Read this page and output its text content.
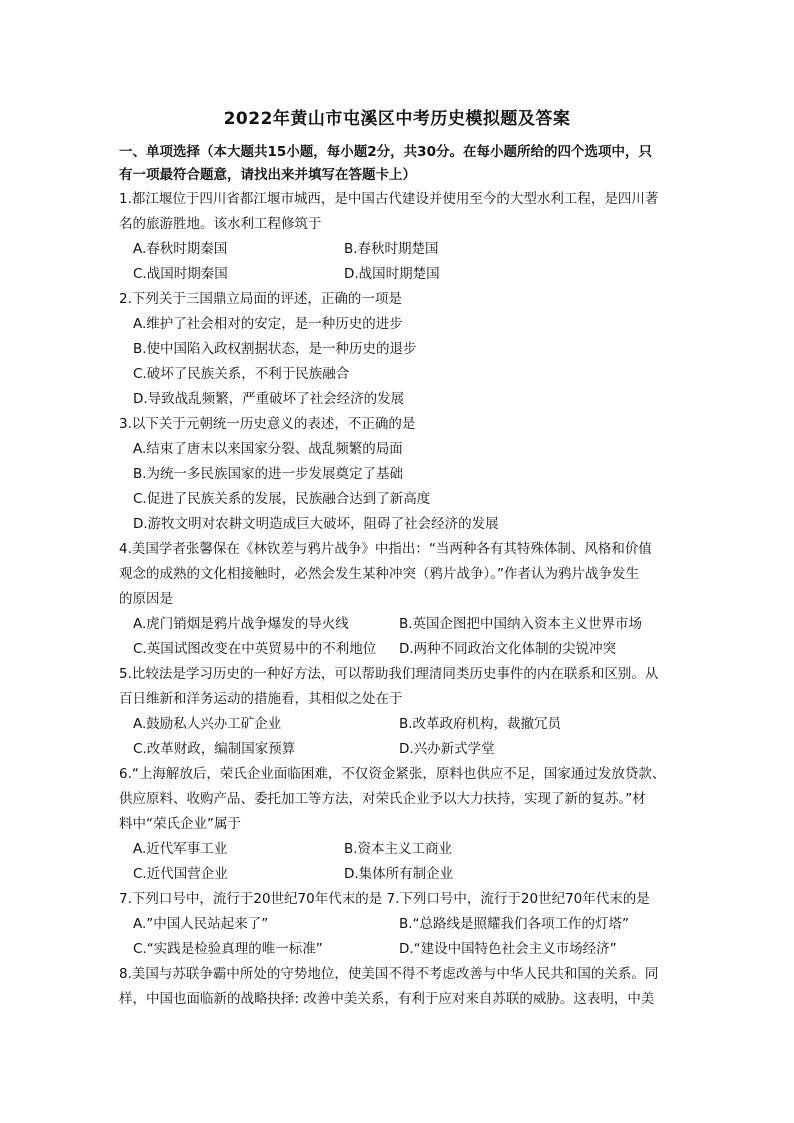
2022年黄山市屯溪区中考历史模拟题及答案
一、单项选择（本大题共15小题，每小题2分，共30分。在每小题所给的四个选项中，只
有一项最符合题意，请找出来并填写在答题卡上）
1.都江堰位于四川省都江堰市城西，是中国古代建设并使用至今的大型水利工程，是四川著
名的旅游胜地。该水利工程修筑于
A.春秋时期秦国	B.春秋时期楚国
C.战国时期秦国	D.战国时期楚国
2.下列关于三国鼎立局面的评述，正确的一项是
A.维护了社会相对的安定，是一种历史的进步
B.使中国陷入政权割据状态，是一种历史的退步
C.破坏了民族关系，不利于民族融合
D.导致战乱频繁，严重破坏了社会经济的发展
3.以下关于元朝统一历史意义的表述，不正确的是
A.结束了唐末以来国家分裂、战乱频繁的局面
B.为统一多民族国家的进一步发展奠定了基础
C.促进了民族关系的发展，民族融合达到了新高度
D.游牧文明对农耕文明造成巨大破坏，阻碍了社会经济的发展
4.美国学者张馨保在《林钦差与鸦片战争》中指出：“当两种各有其特殊体制、风格和价值
观念的成熟的文化相接触时，必然会发生某种冲突（鸦片战争）。”作者认为鸦片战争发生
的原因是
A.虎门销烟是鸦片战争爆发的导火线	B.英国企图把中国纳入资本主义世界市场
C.英国试图改变在中英贸易中的不利地位 D.两种不同政治文化体制的尖锐冲突
5.比较法是学习历史的一种好方法，可以帮助我们理清同类历史事件的内在联系和区别。从
百日维新和洋务运动的措施看，其相似之处在于
A.鼓励私人兴办工矿企业	B.改革政府机构，裁撤冗员
C.改革财政，编制国家预算	D.兴办新式学堂
6.“上海解放后，荣氏企业面临困难，不仅资金紧张，原料也供应不足，国家通过发放贷款、
供应原料、收购产品、委托加工等方法，对荣氏企业予以大力扶持，实现了新的复苏。”材
料中“荣氏企业”属于
A.近代军事工业	B.资本主义工商业
C.近代国营企业	D.集体所有制企业
7.下列口号中，流行于20世纪70年代末的是 7.下列口号中，流行于20世纪70年代末的是
A.”中国人民站起来了”	B.“总路线是照耀我们各项工作的灯塔”
C.“实践是检验真理的唯一标准”	D.“建设中国特色社会主义市场经济”
8.美国与苏联争霸中所处的守势地位，使美国不得不考虑改善与中华人民共和国的关系。同
样，中国也面临新的战略抉择: 改善中美关系，有利于应对来自苏联的威胁。这表明，中美
